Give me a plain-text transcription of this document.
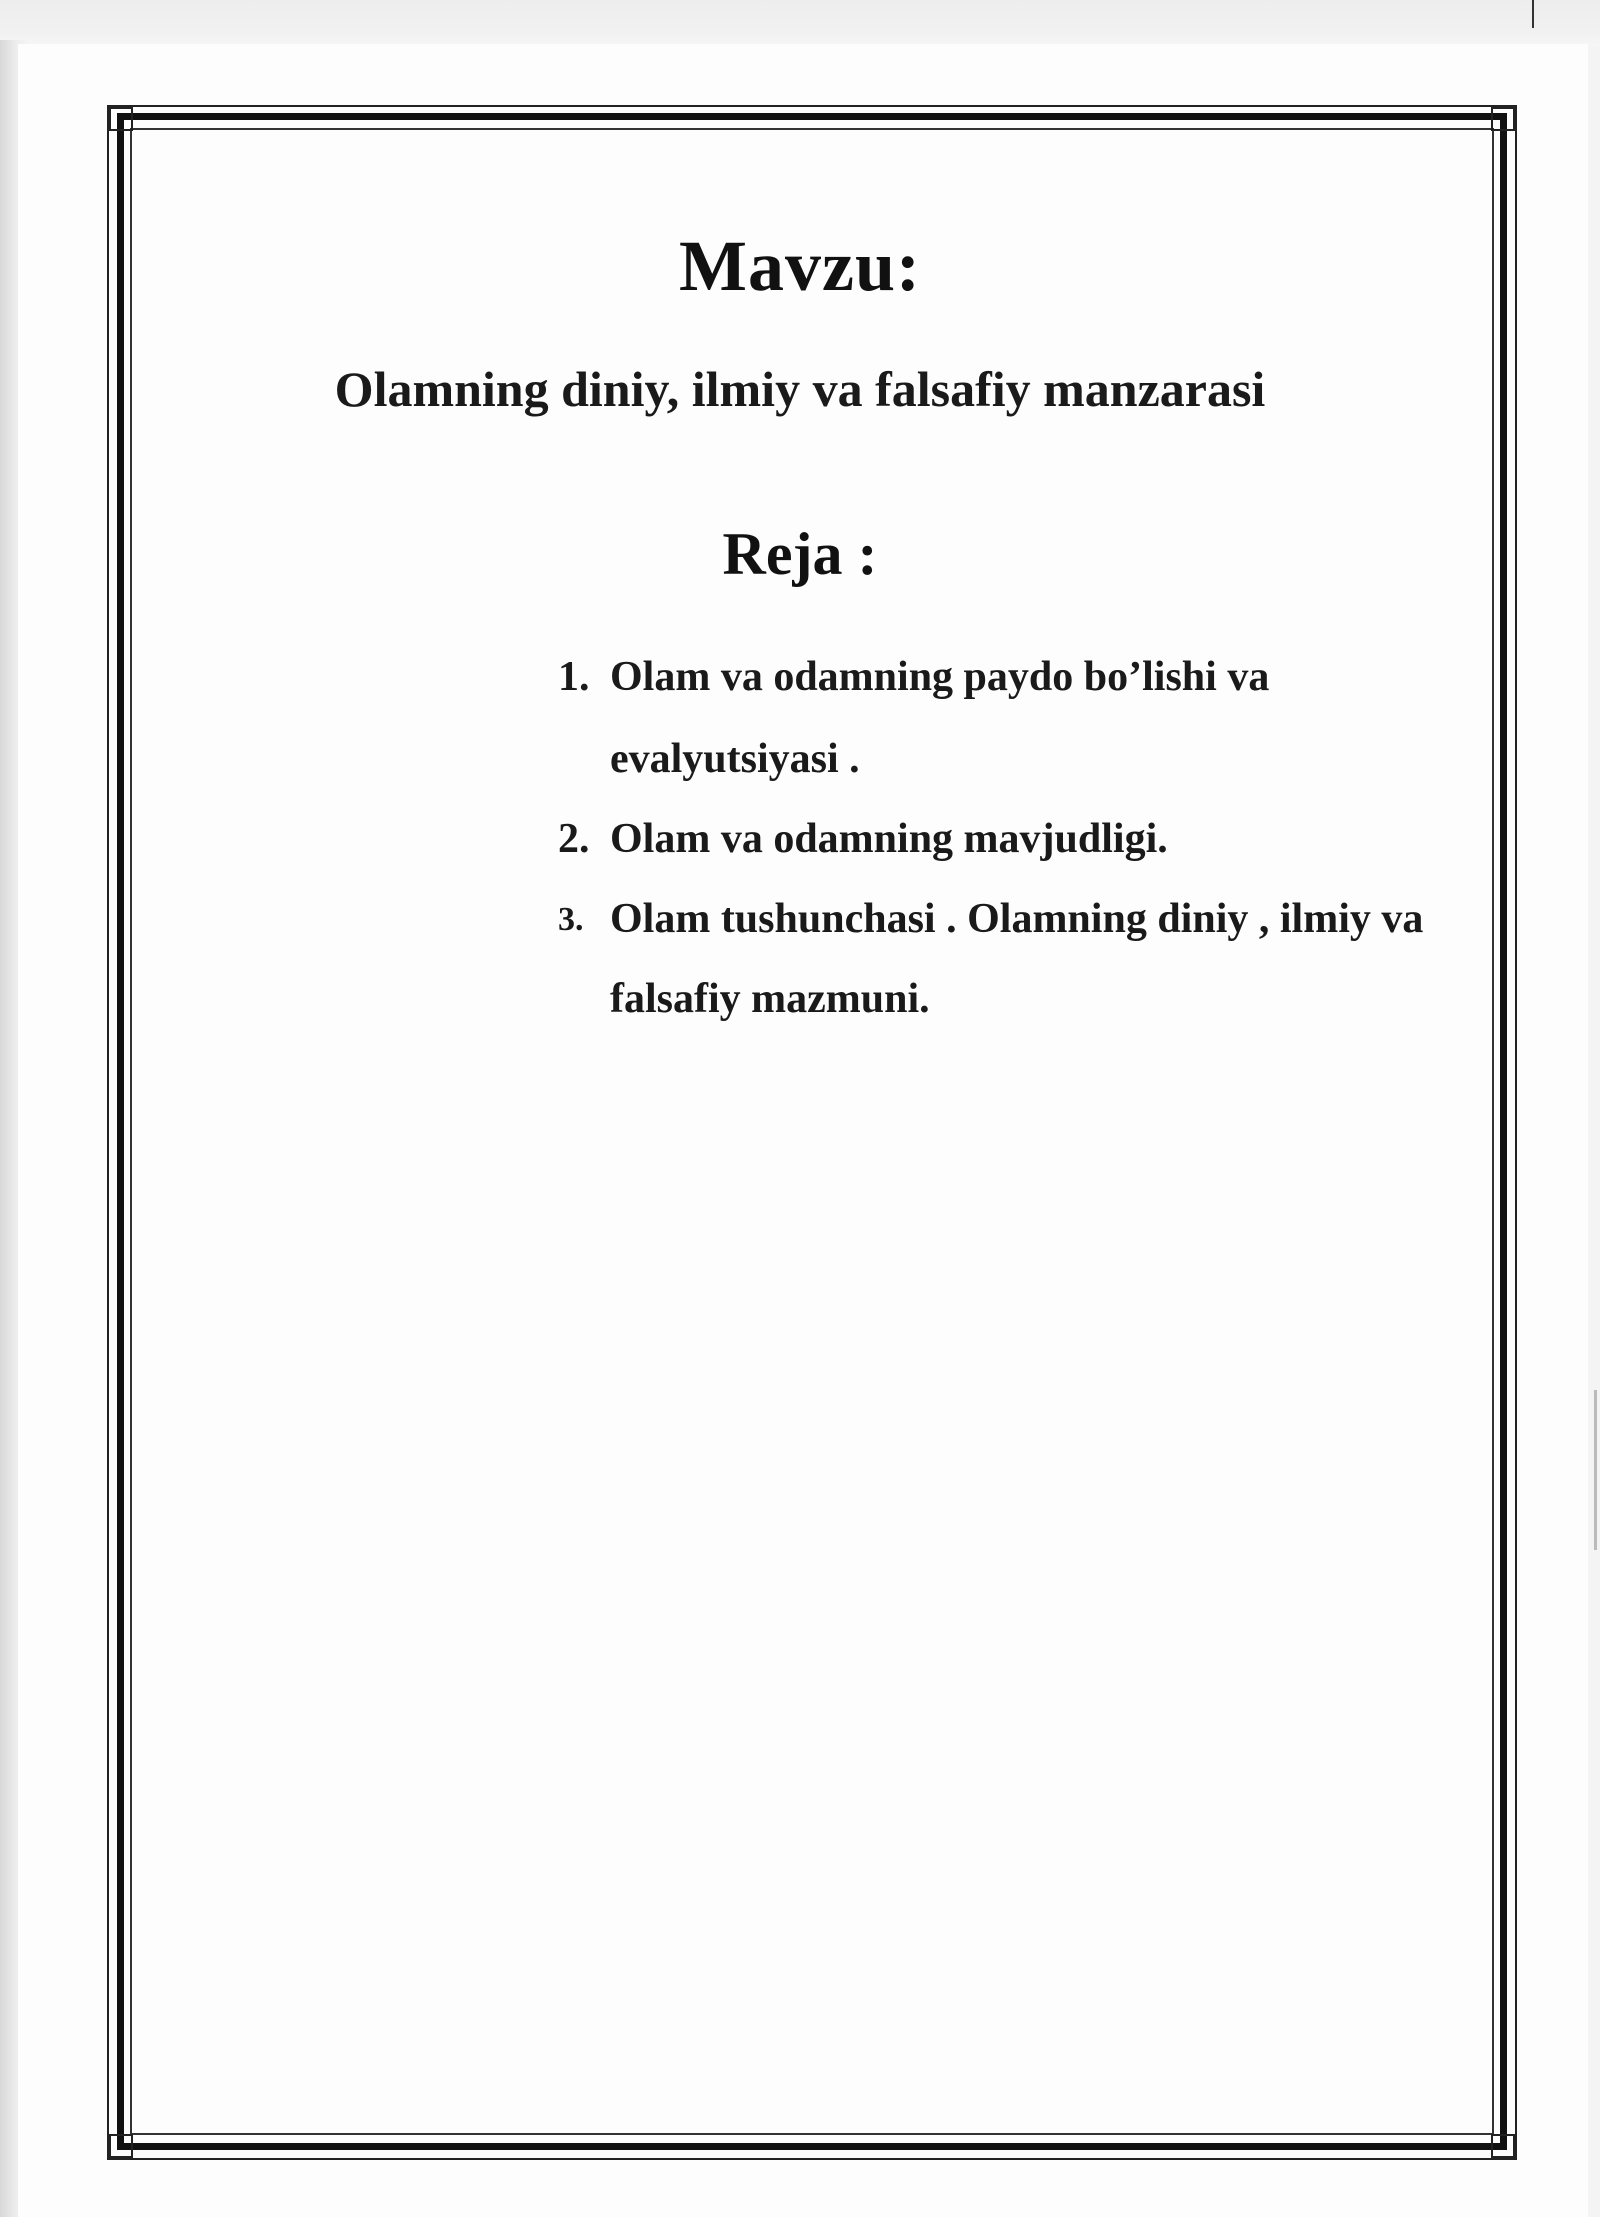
Mavzu:
Olamning diniy, ilmiy va falsafiy manzarasi
Reja :
1. Olam va odamning paydo bo’lishi va
evalyutsiyasi .
2. Olam va odamning mavjudligi.
3. Olam tushunchasi . Olamning diniy , ilmiy va
falsafiy mazmuni.
